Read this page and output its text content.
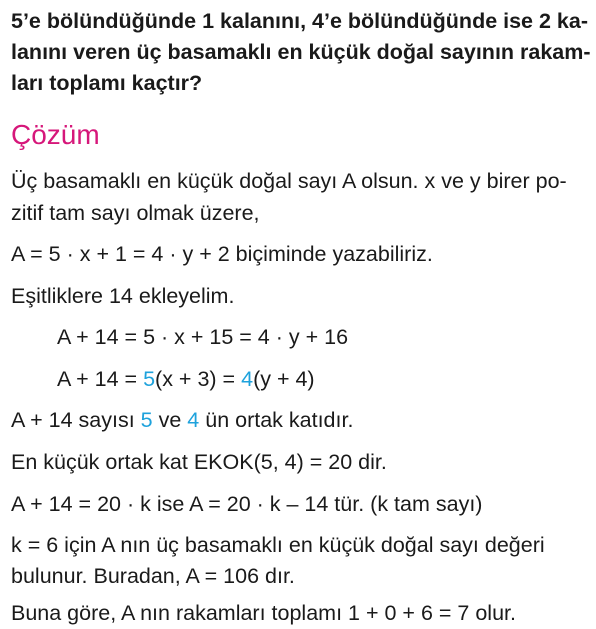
5’e bölündüğünde 1 kalanını, 4’e bölündüğünde ise 2 ka-
lanını veren üç basamaklı en küçük doğal sayının rakam-
ları toplamı kaçtır?
Çözüm
Üç basamaklı en küçük doğal sayı A olsun. x ve y birer po-
zitif tam sayı olmak üzere,
A = 5 · x + 1 = 4 · y + 2 biçiminde yazabiliriz.
Eşitliklere 14 ekleyelim.
A + 14 = 5 · x + 15 = 4 · y + 16
A + 14 = 5(x + 3) = 4(y + 4)
A + 14 sayısı 5 ve 4 ün ortak katıdır.
En küçük ortak kat EKOK(5, 4) = 20 dir.
A + 14 = 20 · k ise A = 20 · k – 14 tür. (k tam sayı)
k = 6 için A nın üç basamaklı en küçük doğal sayı değeri
bulunur. Buradan, A = 106 dır.
Buna göre, A nın rakamları toplamı 1 + 0 + 6 = 7 olur.
